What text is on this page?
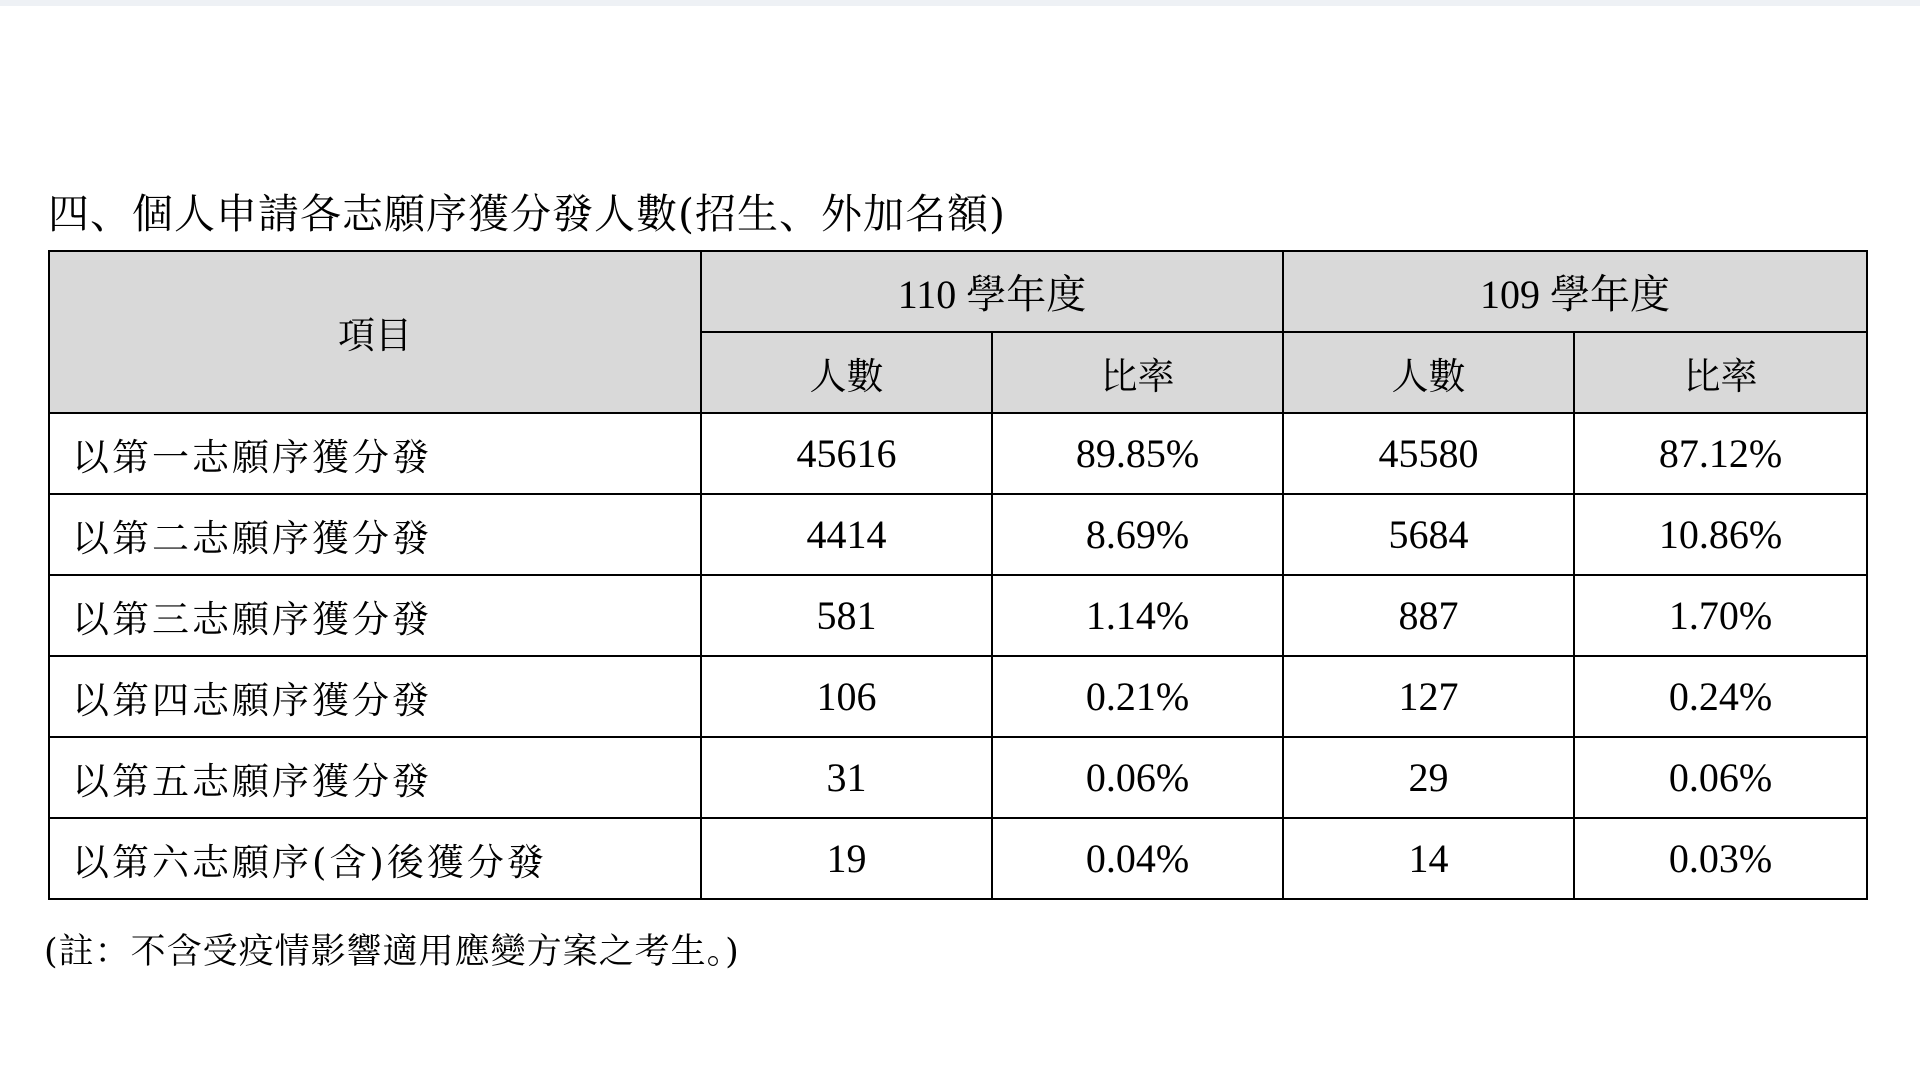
四、個人申請各志願序獲分發人數(招生、外加名額)
項目	110 學年度		109 學年度	
	人數	比率	人數	比率
以第一志願序獲分發	45616	89.85%	45580	87.12%
以第二志願序獲分發	4414	8.69%	5684	10.86%
以第三志願序獲分發	581	1.14%	887	1.70%
以第四志願序獲分發	106	0.21%	127	0.24%
以第五志願序獲分發	31	0.06%	29	0.06%
以第六志願序(含)後獲分發	19	0.04%	14	0.03%
(註：不含受疫情影響適用應變方案之考生。)
